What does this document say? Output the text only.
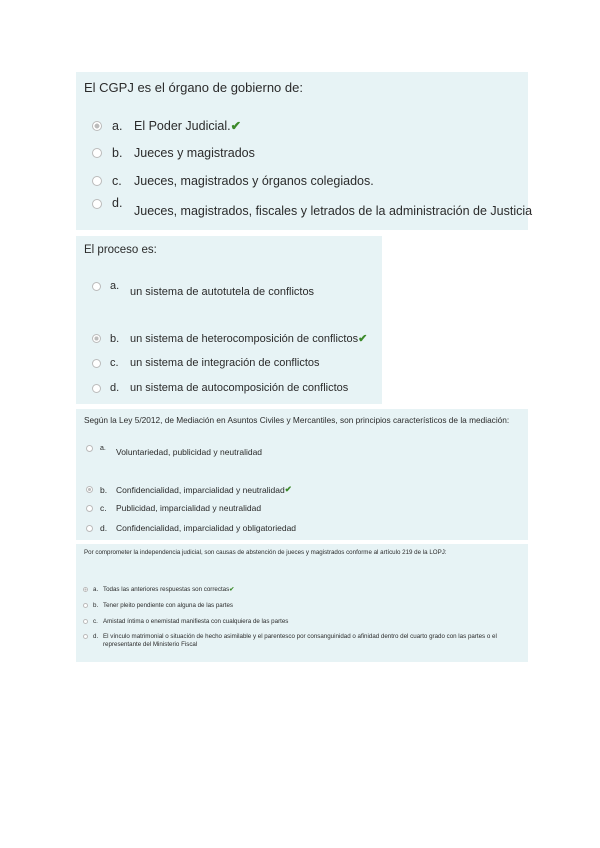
El CGPJ es el órgano de gobierno de:
a. El Poder Judicial. ✔
b. Jueces y magistrados
c. Jueces, magistrados y órganos colegiados.
d.
Jueces, magistrados, fiscales y letrados de la administración de Justicia
El proceso es:
a. un sistema de autotutela de conflictos
b. un sistema de heterocomposición de conflictos ✔
c.	un sistema de integración de conflictos
d. un sistema de autocomposición de conflictos
Según la Ley 5/2012, de Mediación en Asuntos Civiles y Mercantiles, son principios característicos de la mediación:
a.	Voluntariedad, publicidad y neutralidad
b.	Confidencialidad, imparcialidad y neutralidad ✔
c.	Publicidad, imparcialidad y neutralidad
d.	Confidencialidad, imparcialidad y obligatoriedad
Por comprometer la independencia judicial, son causas de abstención de jueces y magistrados conforme al artículo 219 de la LOPJ:
a. Todas las anteriores respuestas son correctas ✔
b. Tener pleito pendiente con alguna de las partes
c. Amistad íntima o enemistad manifiesta con cualquiera de las partes
d. El vínculo matrimonial o situación de hecho asimilable y el parentesco por consanguinidad o afinidad dentro del cuarto grado con las partes o el representante del Ministerio Fiscal
